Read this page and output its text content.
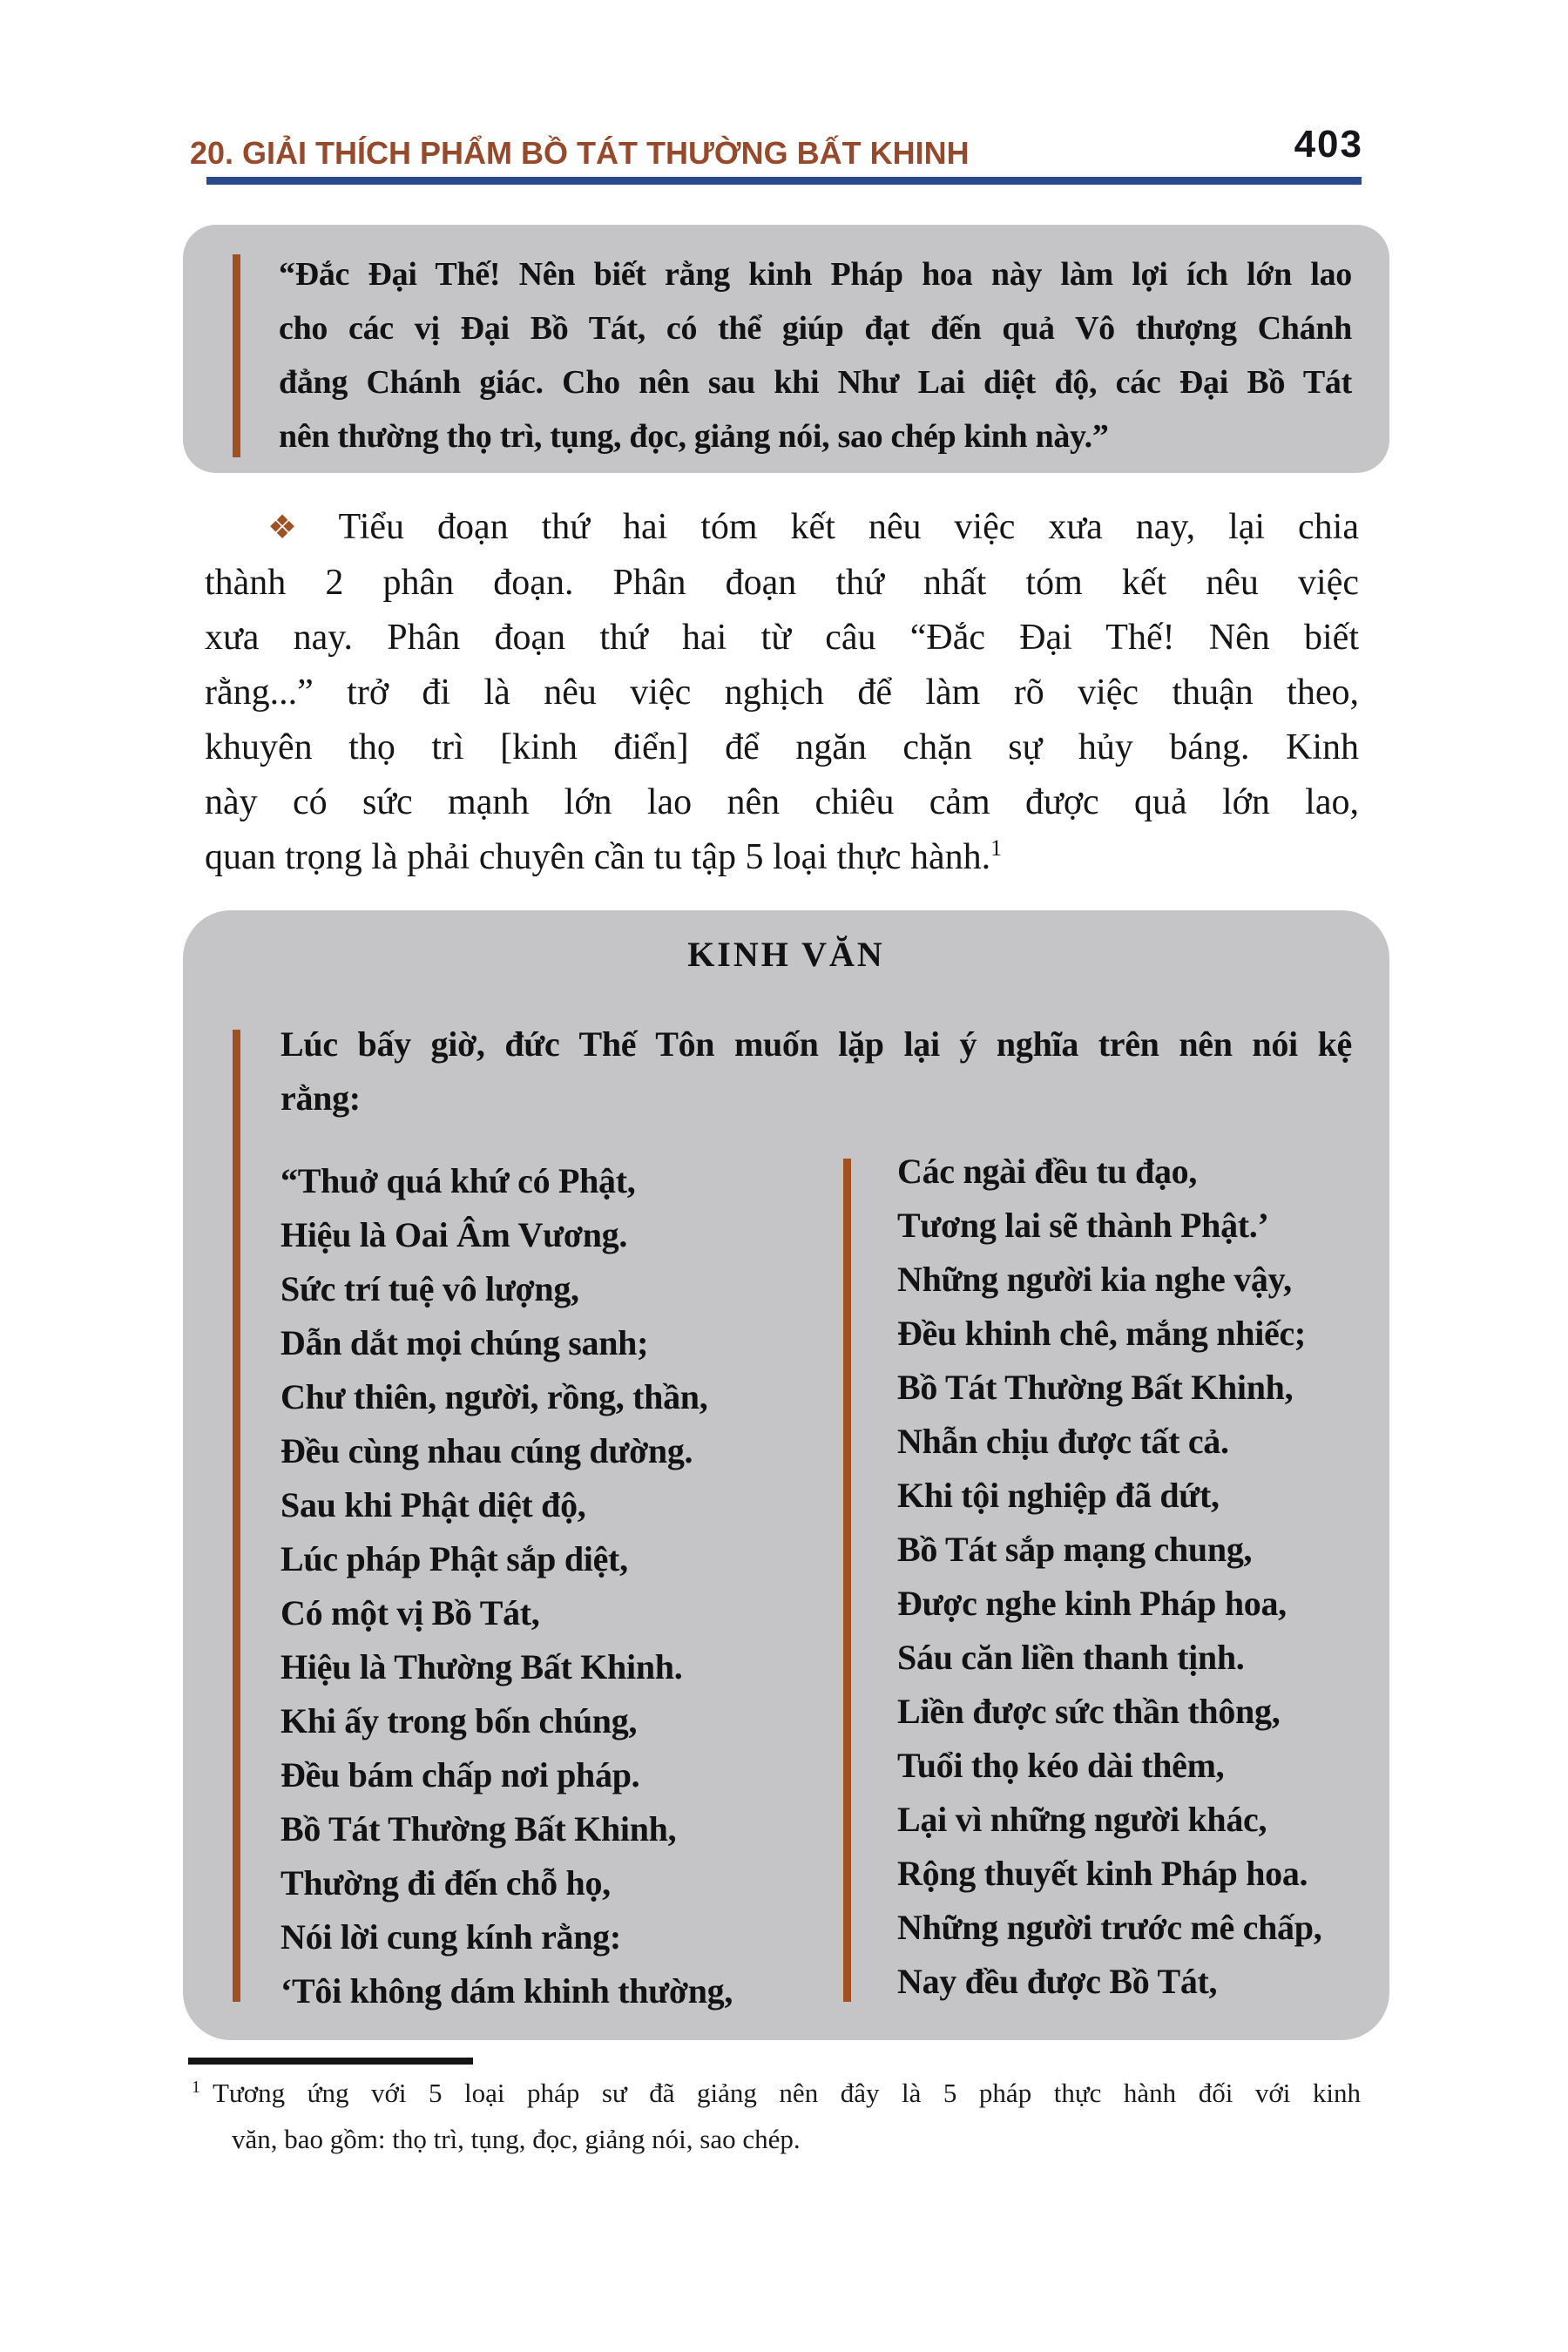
20. GIẢI THÍCH PHẨM BỒ TÁT THƯỜNG BẤT KHINH	403
“Đắc Đại Thế! Nên biết rằng kinh Pháp hoa này làm lợi ích lớn lao
cho các vị Đại Bồ Tát, có thể giúp đạt đến quả Vô thượng Chánh
đẳng Chánh giác. Cho nên sau khi Như Lai diệt độ, các Đại Bồ Tát
nên thường thọ trì, tụng, đọc, giảng nói, sao chép kinh này.”
❖ Tiểu đoạn thứ hai tóm kết nêu việc xưa nay, lại chia
thành 2 phân đoạn. Phân đoạn thứ nhất tóm kết nêu việc
xưa nay. Phân đoạn thứ hai từ câu “Đắc Đại Thế! Nên biết
rằng...” trở đi là nêu việc nghịch để làm rõ việc thuận theo,
khuyên thọ trì [kinh điển] để ngăn chặn sự hủy báng. Kinh
này có sức mạnh lớn lao nên chiêu cảm được quả lớn lao,
quan trọng là phải chuyên cần tu tập 5 loại thực hành.$^1$
KINH VĂN
Lúc bấy giờ, đức Thế Tôn muốn lặp lại ý nghĩa trên nên nói kệ
rằng:
“Thuở quá khứ có Phật,
Hiệu là Oai Âm Vương.
Sức trí tuệ vô lượng,
Dẫn dắt mọi chúng sanh;
Chư thiên, người, rồng, thần,
Đều cùng nhau cúng dường.
Sau khi Phật diệt độ,
Lúc pháp Phật sắp diệt,
Có một vị Bồ Tát,
Hiệu là Thường Bất Khinh.
Khi ấy trong bốn chúng,
Đều bám chấp nơi pháp.
Bồ Tát Thường Bất Khinh,
Thường đi đến chỗ họ,
Nói lời cung kính rằng:
‘Tôi không dám khinh thường,
Các ngài đều tu đạo,
Tương lai sẽ thành Phật.’
Những người kia nghe vậy,
Đều khinh chê, mắng nhiếc;
Bồ Tát Thường Bất Khinh,
Nhẫn chịu được tất cả.
Khi tội nghiệp đã dứt,
Bồ Tát sắp mạng chung,
Được nghe kinh Pháp hoa,
Sáu căn liền thanh tịnh.
Liền được sức thần thông,
Tuổi thọ kéo dài thêm,
Lại vì những người khác,
Rộng thuyết kinh Pháp hoa.
Những người trước mê chấp,
Nay đều được Bồ Tát,
$^1$ Tương ứng với 5 loại pháp sư đã giảng nên đây là 5 pháp thực hành đối với kinh
văn, bao gồm: thọ trì, tụng, đọc, giảng nói, sao chép.
